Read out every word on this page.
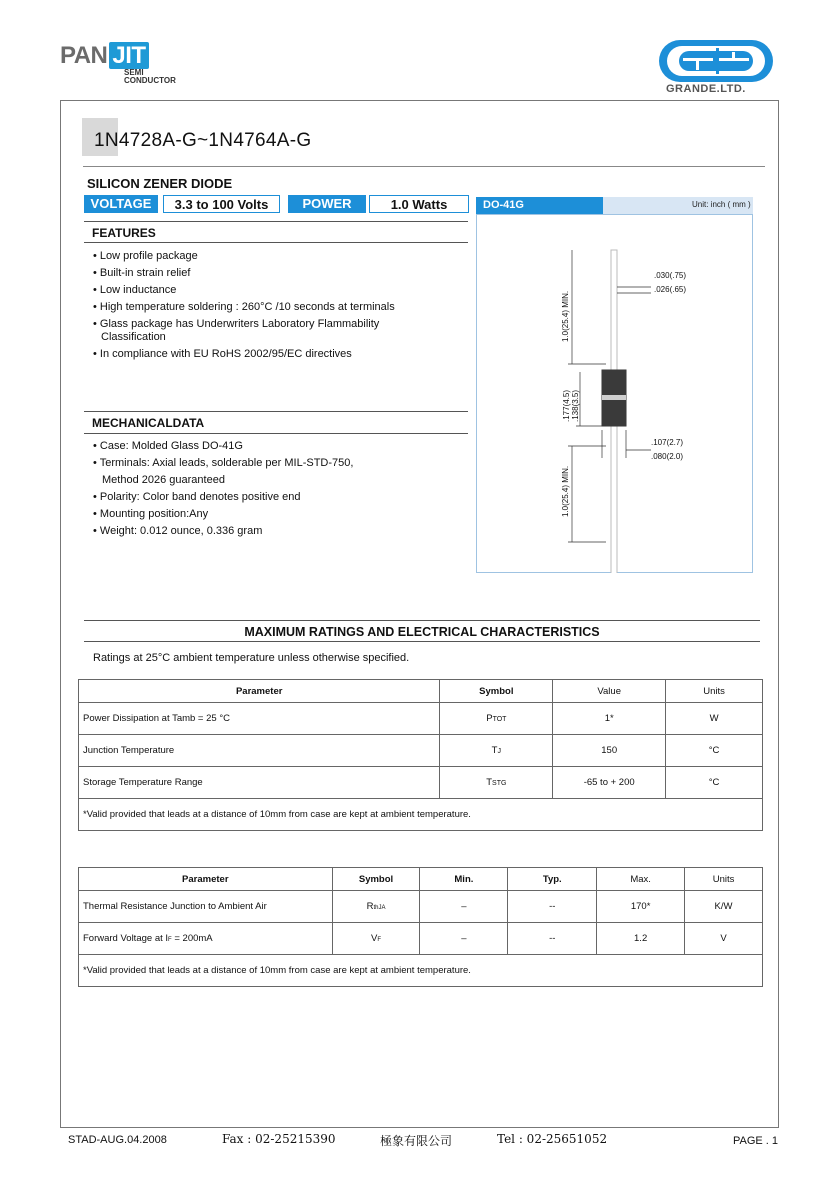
PAN JIT
SEMI
CONDUCTOR
GRANDE.LTD.
1N4728A-G~1N4764A-G
SILICON ZENER DIODE
VOLTAGE	3.3 to 100 Volts	POWER	1.0 Watts
FEATURES
• Low profile package
• Built-in strain relief
• Low inductance
• High temperature soldering : 260°C /10 seconds at terminals
• Glass package has Underwriters Laboratory Flammability
Classification
• In compliance with EU RoHS 2002/95/EC directives
MECHANICALDATA
• Case: Molded Glass DO-41G
• Terminals: Axial leads, solderable per MIL-STD-750,
Method 2026 guaranteed
• Polarity: Color band denotes positive end
• Mounting position:Any
• Weight: 0.012 ounce, 0.336 gram
DO-41G	Unit: inch ( mm )
.030(.75)
.026(.65)
.107(2.7)
.080(2.0)
1.0(25.4) MIN.
.177(4.5) .138(3.5)
1.0(25.4) MIN.
MAXIMUM RATINGS AND ELECTRICAL CHARACTERISTICS
Ratings at 25°C ambient temperature unless otherwise specified.
Parameter	Symbol	Value	Units
Power Dissipation at Tamb = 25 °C	PTOT	1*	W
Junction Temperature	TJ	150	°C
Storage Temperature Range	TSTG	-65 to + 200	°C
*Valid provided that leads at a distance of 10mm from case are kept at ambient temperature.			
Parameter	Symbol	Min.	Typ.	Max.	Units
Thermal Resistance Junction to Ambient Air	RthJA	–	--	170*	K/W
Forward Voltage at IF = 200mA	VF	–	--	1.2	V
*Valid provided that leads at a distance of 10mm from case are kept at ambient temperature.					
STAD-AUG.04.2008	Fax : 02-25215390	極象有限公司	Tel : 02-25651052	PAGE . 1
